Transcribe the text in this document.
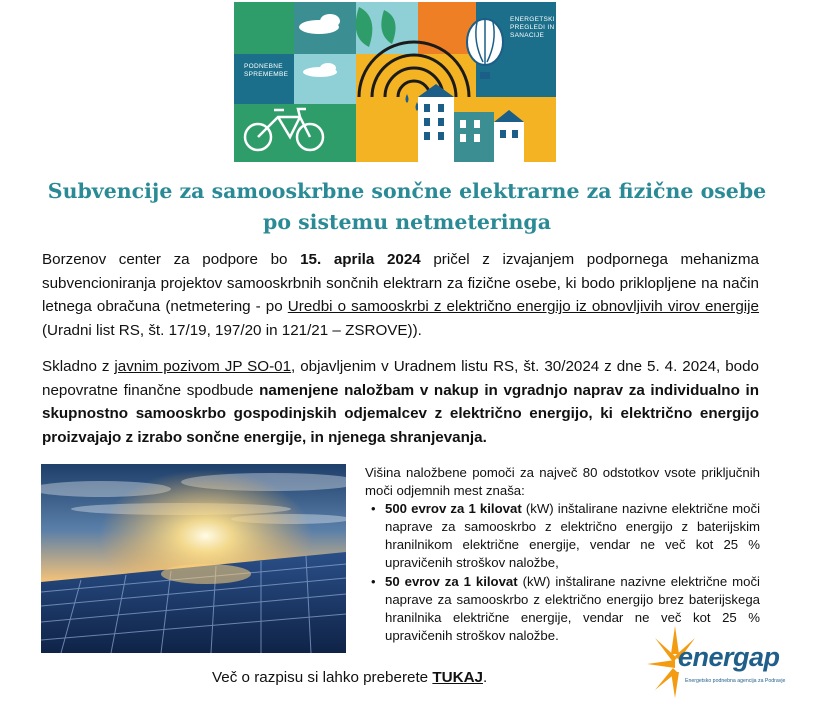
PODNEBNE
SPREMEMBE
ENERGETSKI
PREGLEDI IN
SANACIJE
Subvencije za samooskrbne sončne elektrarne za fizične osebe po sistemu netmeteringa

Borzenov center za podpore bo 15. aprila 2024 pričel z izvajanjem podpornega mehanizma subvencioniranja projektov samooskrbnih sončnih elektrarn za fizične osebe, ki bodo priklopljene na način letnega obračuna (netmetering - po Uredbi o samooskrbi z električno energijo iz obnovljivih virov energije (Uradni list RS, št. 17/19, 197/20 in 121/21 – ZSROVE)).

Skladno z javnim pozivom JP SO-01, objavljenim v Uradnem listu RS, št. 30/2024 z dne 5. 4. 2024, bodo nepovratne finančne spodbude namenjene naložbam v nakup in vgradnjo naprav za individualno in skupnostno samooskrbo gospodinjskih odjemalcev z električno energijo, ki električno energijo proizvajajo z izrabo sončne energije, in njenega shranjevanja.

Višina naložbene pomoči za največ 80 odstotkov vsote priključnih moči odjemnih mest znaša:

• 500 evrov za 1 kilovat (kW) inštalirane nazivne električne moči naprave za samooskrbo z električno energijo z baterijskim hranilnikom električne energije, vendar ne več kot 25 % upravičenih stroškov naložbe,
• 50 evrov za 1 kilovat (kW) inštalirane nazivne električne moči naprave za samooskrbo z električno energijo brez baterijskega hranilnika električne energije, vendar ne več kot 25 % upravičenih stroškov naložbe.

Več o razpisu si lahko preberete TUKAJ.

energap
Energetsko podnebna agencija za Podravje
